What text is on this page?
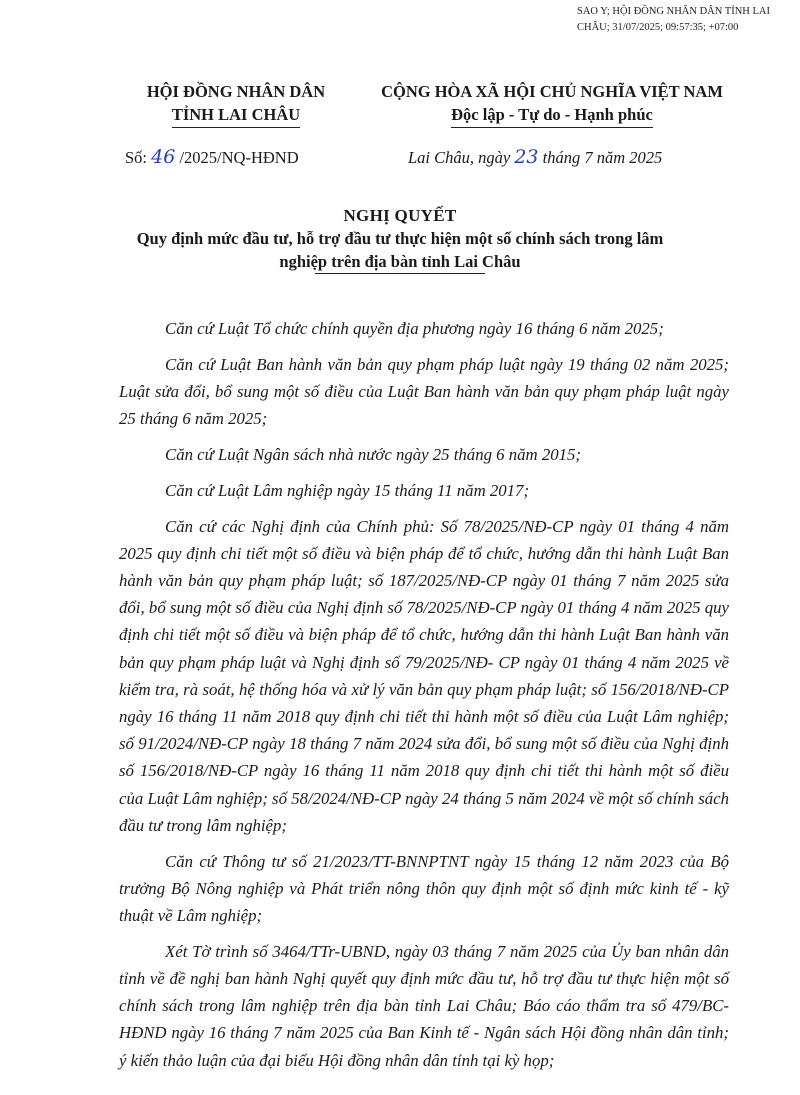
SAO Y; HỘI ĐỒNG NHÂN DÂN TỈNH LAI CHÂU; 31/07/2025; 09:57:35; +07:00
HỘI ĐỒNG NHÂN DÂN
TỈNH LAI CHÂU
CỘNG HÒA XÃ HỘI CHỦ NGHĨA VIỆT NAM
Độc lập - Tự do - Hạnh phúc
Số: 46 /2025/NQ-HĐND	Lai Châu, ngày 23 tháng 7 năm 2025
NGHỊ QUYẾT
Quy định mức đầu tư, hỗ trợ đầu tư thực hiện một số chính sách trong lâm
nghiệp trên địa bàn tỉnh Lai Châu

Căn cứ Luật Tổ chức chính quyền địa phương ngày 16 tháng 6 năm 2025;

Căn cứ Luật Ban hành văn bản quy phạm pháp luật ngày 19 tháng 02 năm 2025; Luật sửa đổi, bổ sung một số điều của Luật Ban hành văn bản quy phạm pháp luật ngày 25 tháng 6 năm 2025;

Căn cứ Luật Ngân sách nhà nước ngày 25 tháng 6 năm 2015;

Căn cứ Luật Lâm nghiệp ngày 15 tháng 11 năm 2017;

Căn cứ các Nghị định của Chính phủ: Số 78/2025/NĐ-CP ngày 01 tháng 4 năm 2025 quy định chi tiết một số điều và biện pháp để tổ chức, hướng dẫn thi hành Luật Ban hành văn bản quy phạm pháp luật; số 187/2025/NĐ-CP ngày 01 tháng 7 năm 2025 sửa đổi, bổ sung một số điều của Nghị định số 78/2025/NĐ-CP ngày 01 tháng 4 năm 2025 quy định chi tiết một số điều và biện pháp để tổ chức, hướng dẫn thi hành Luật Ban hành văn bản quy phạm pháp luật và Nghị định số 79/2025/NĐ- CP ngày 01 tháng 4 năm 2025 về kiểm tra, rà soát, hệ thống hóa và xử lý văn bản quy phạm pháp luật; số 156/2018/NĐ-CP ngày 16 tháng 11 năm 2018 quy định chi tiết thi hành một số điều của Luật Lâm nghiệp; số 91/2024/NĐ-CP ngày 18 tháng 7 năm 2024 sửa đổi, bổ sung một số điều của Nghị định số 156/2018/NĐ-CP ngày 16 tháng 11 năm 2018 quy định chi tiết thi hành một số điều của Luật Lâm nghiệp; số 58/2024/NĐ-CP ngày 24 tháng 5 năm 2024 về một số chính sách đầu tư trong lâm nghiệp;

Căn cứ Thông tư số 21/2023/TT-BNNPTNT ngày 15 tháng 12 năm 2023 của Bộ trưởng Bộ Nông nghiệp và Phát triển nông thôn quy định một số định mức kinh tế - kỹ thuật về Lâm nghiệp;

Xét Tờ trình số 3464/TTr-UBND, ngày 03 tháng 7 năm 2025 của Ủy ban nhân dân tỉnh về đề nghị ban hành Nghị quyết quy định mức đầu tư, hỗ trợ đầu tư thực hiện một số chính sách trong lâm nghiệp trên địa bàn tỉnh Lai Châu; Báo cáo thẩm tra số 479/BC-HĐND ngày 16 tháng 7 năm 2025 của Ban Kinh tế - Ngân sách Hội đồng nhân dân tỉnh; ý kiến thảo luận của đại biểu Hội đồng nhân dân tỉnh tại kỳ họp;
